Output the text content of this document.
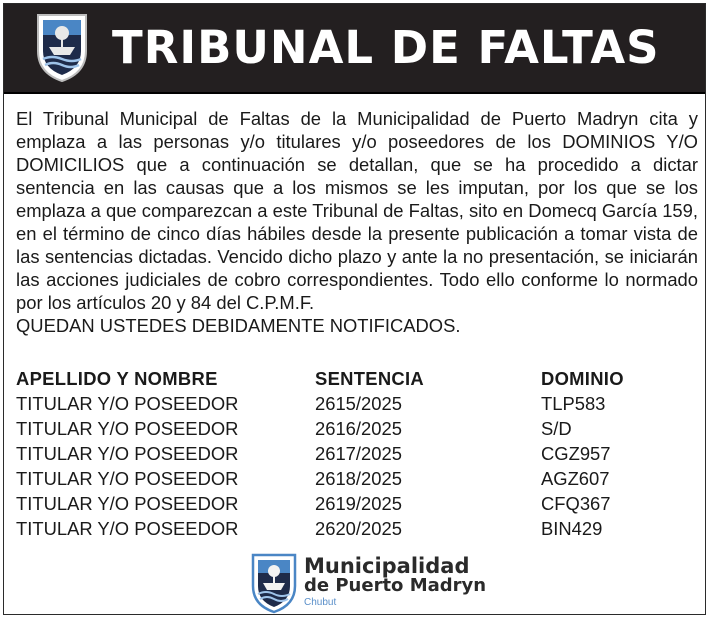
TRIBUNAL DE FALTAS

El Tribunal Municipal de Faltas de la Municipalidad de Puerto Madryn cita y emplaza a las personas y/o titulares y/o poseedores de los DOMINIOS Y/O DOMICILIOS que a continuación se detallan, que se ha procedido a dictar sentencia en las causas que a los mismos se les imputan, por los que se los emplaza a que comparezcan a este Tribunal de Faltas, sito en Domecq García 159, en el término de cinco días hábiles desde la presente publicación a tomar vista de las sentencias dictadas. Vencido dicho plazo y ante la no presentación, se iniciarán las acciones judiciales de cobro correspondientes. Todo ello conforme lo normado por los artículos 20 y 84 del C.P.M.F.

QUEDAN USTEDES DEBIDAMENTE NOTIFICADOS.

APELLIDO Y NOMBRE	SENTENCIA	DOMINIO
TITULAR Y/O POSEEDOR	2615/2025	TLP583
TITULAR Y/O POSEEDOR	2616/2025	S/D
TITULAR Y/O POSEEDOR	2617/2025	CGZ957
TITULAR Y/O POSEEDOR	2618/2025	AGZ607
TITULAR Y/O POSEEDOR	2619/2025	CFQ367
TITULAR Y/O POSEEDOR	2620/2025	BIN429
Municipalidad
de Puerto Madryn
Chubut
